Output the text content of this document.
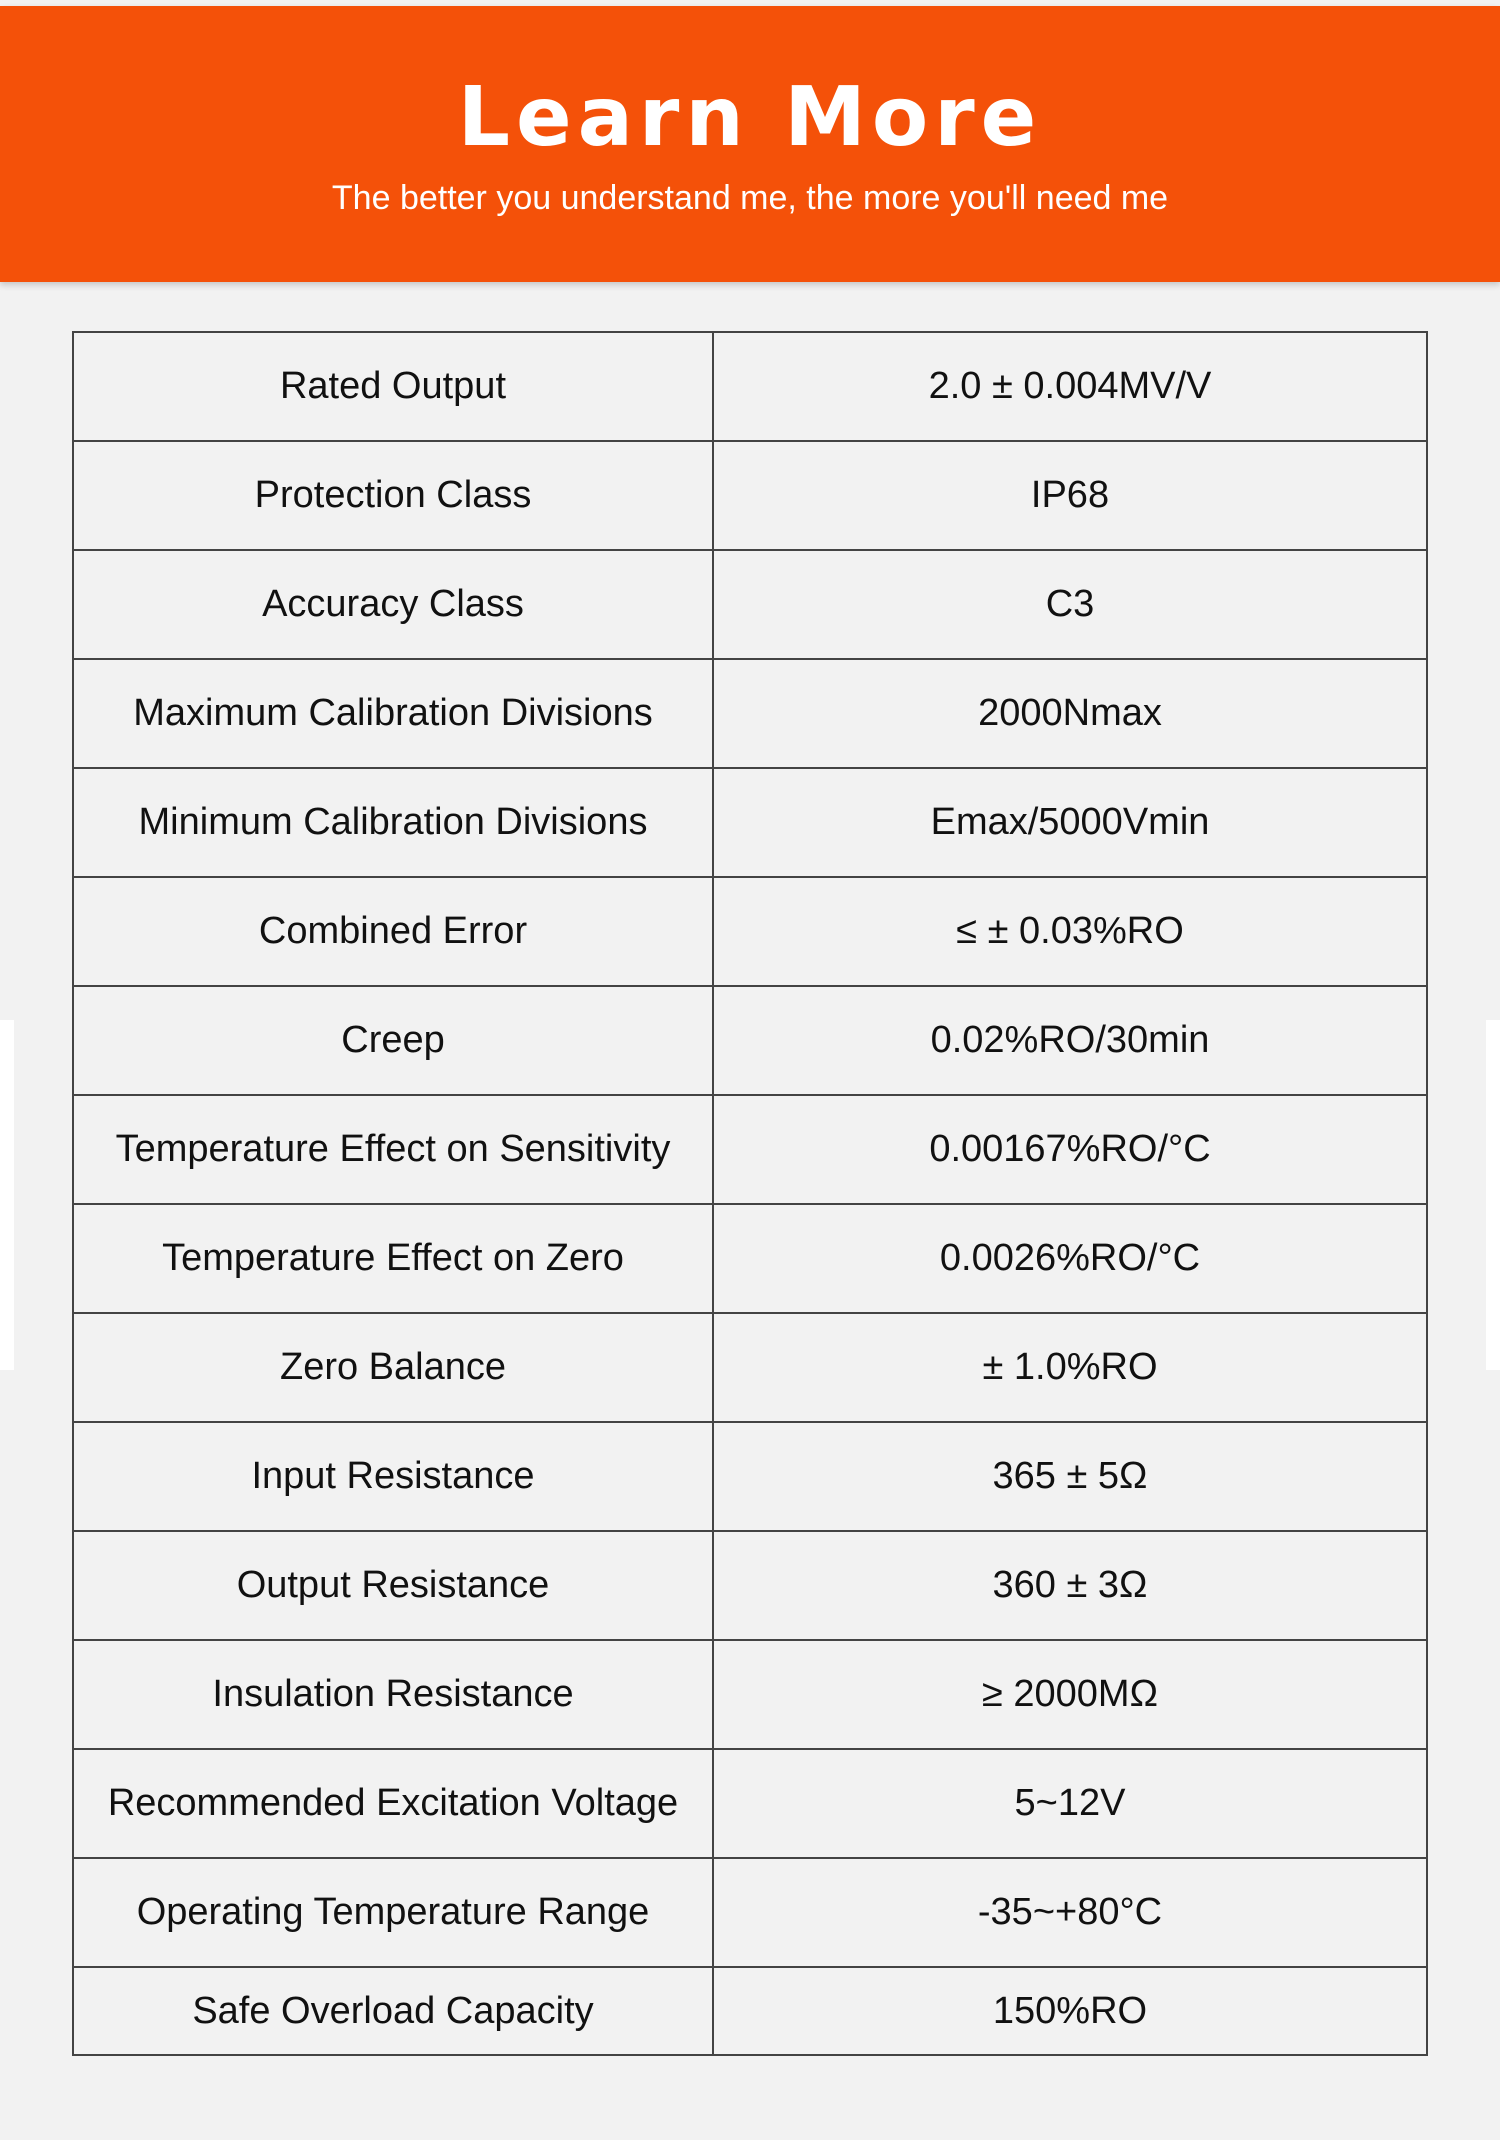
Learn More
The better you understand me, the more you'll need me
Rated Output	2.0 ± 0.004MV/V
Protection Class	IP68
Accuracy Class	C3
Maximum Calibration Divisions	2000Nmax
Minimum Calibration Divisions	Emax/5000Vmin
Combined Error	≤ ± 0.03%RO
Creep	0.02%RO/30min
Temperature Effect on Sensitivity	0.00167%RO/°C
Temperature Effect on Zero	0.0026%RO/°C
Zero Balance	± 1.0%RO
Input Resistance	365 ± 5Ω
Output Resistance	360 ± 3Ω
Insulation Resistance	≥ 2000MΩ
Recommended Excitation Voltage	5~12V
Operating Temperature Range	-35~+80°C
Safe Overload Capacity	150%RO
